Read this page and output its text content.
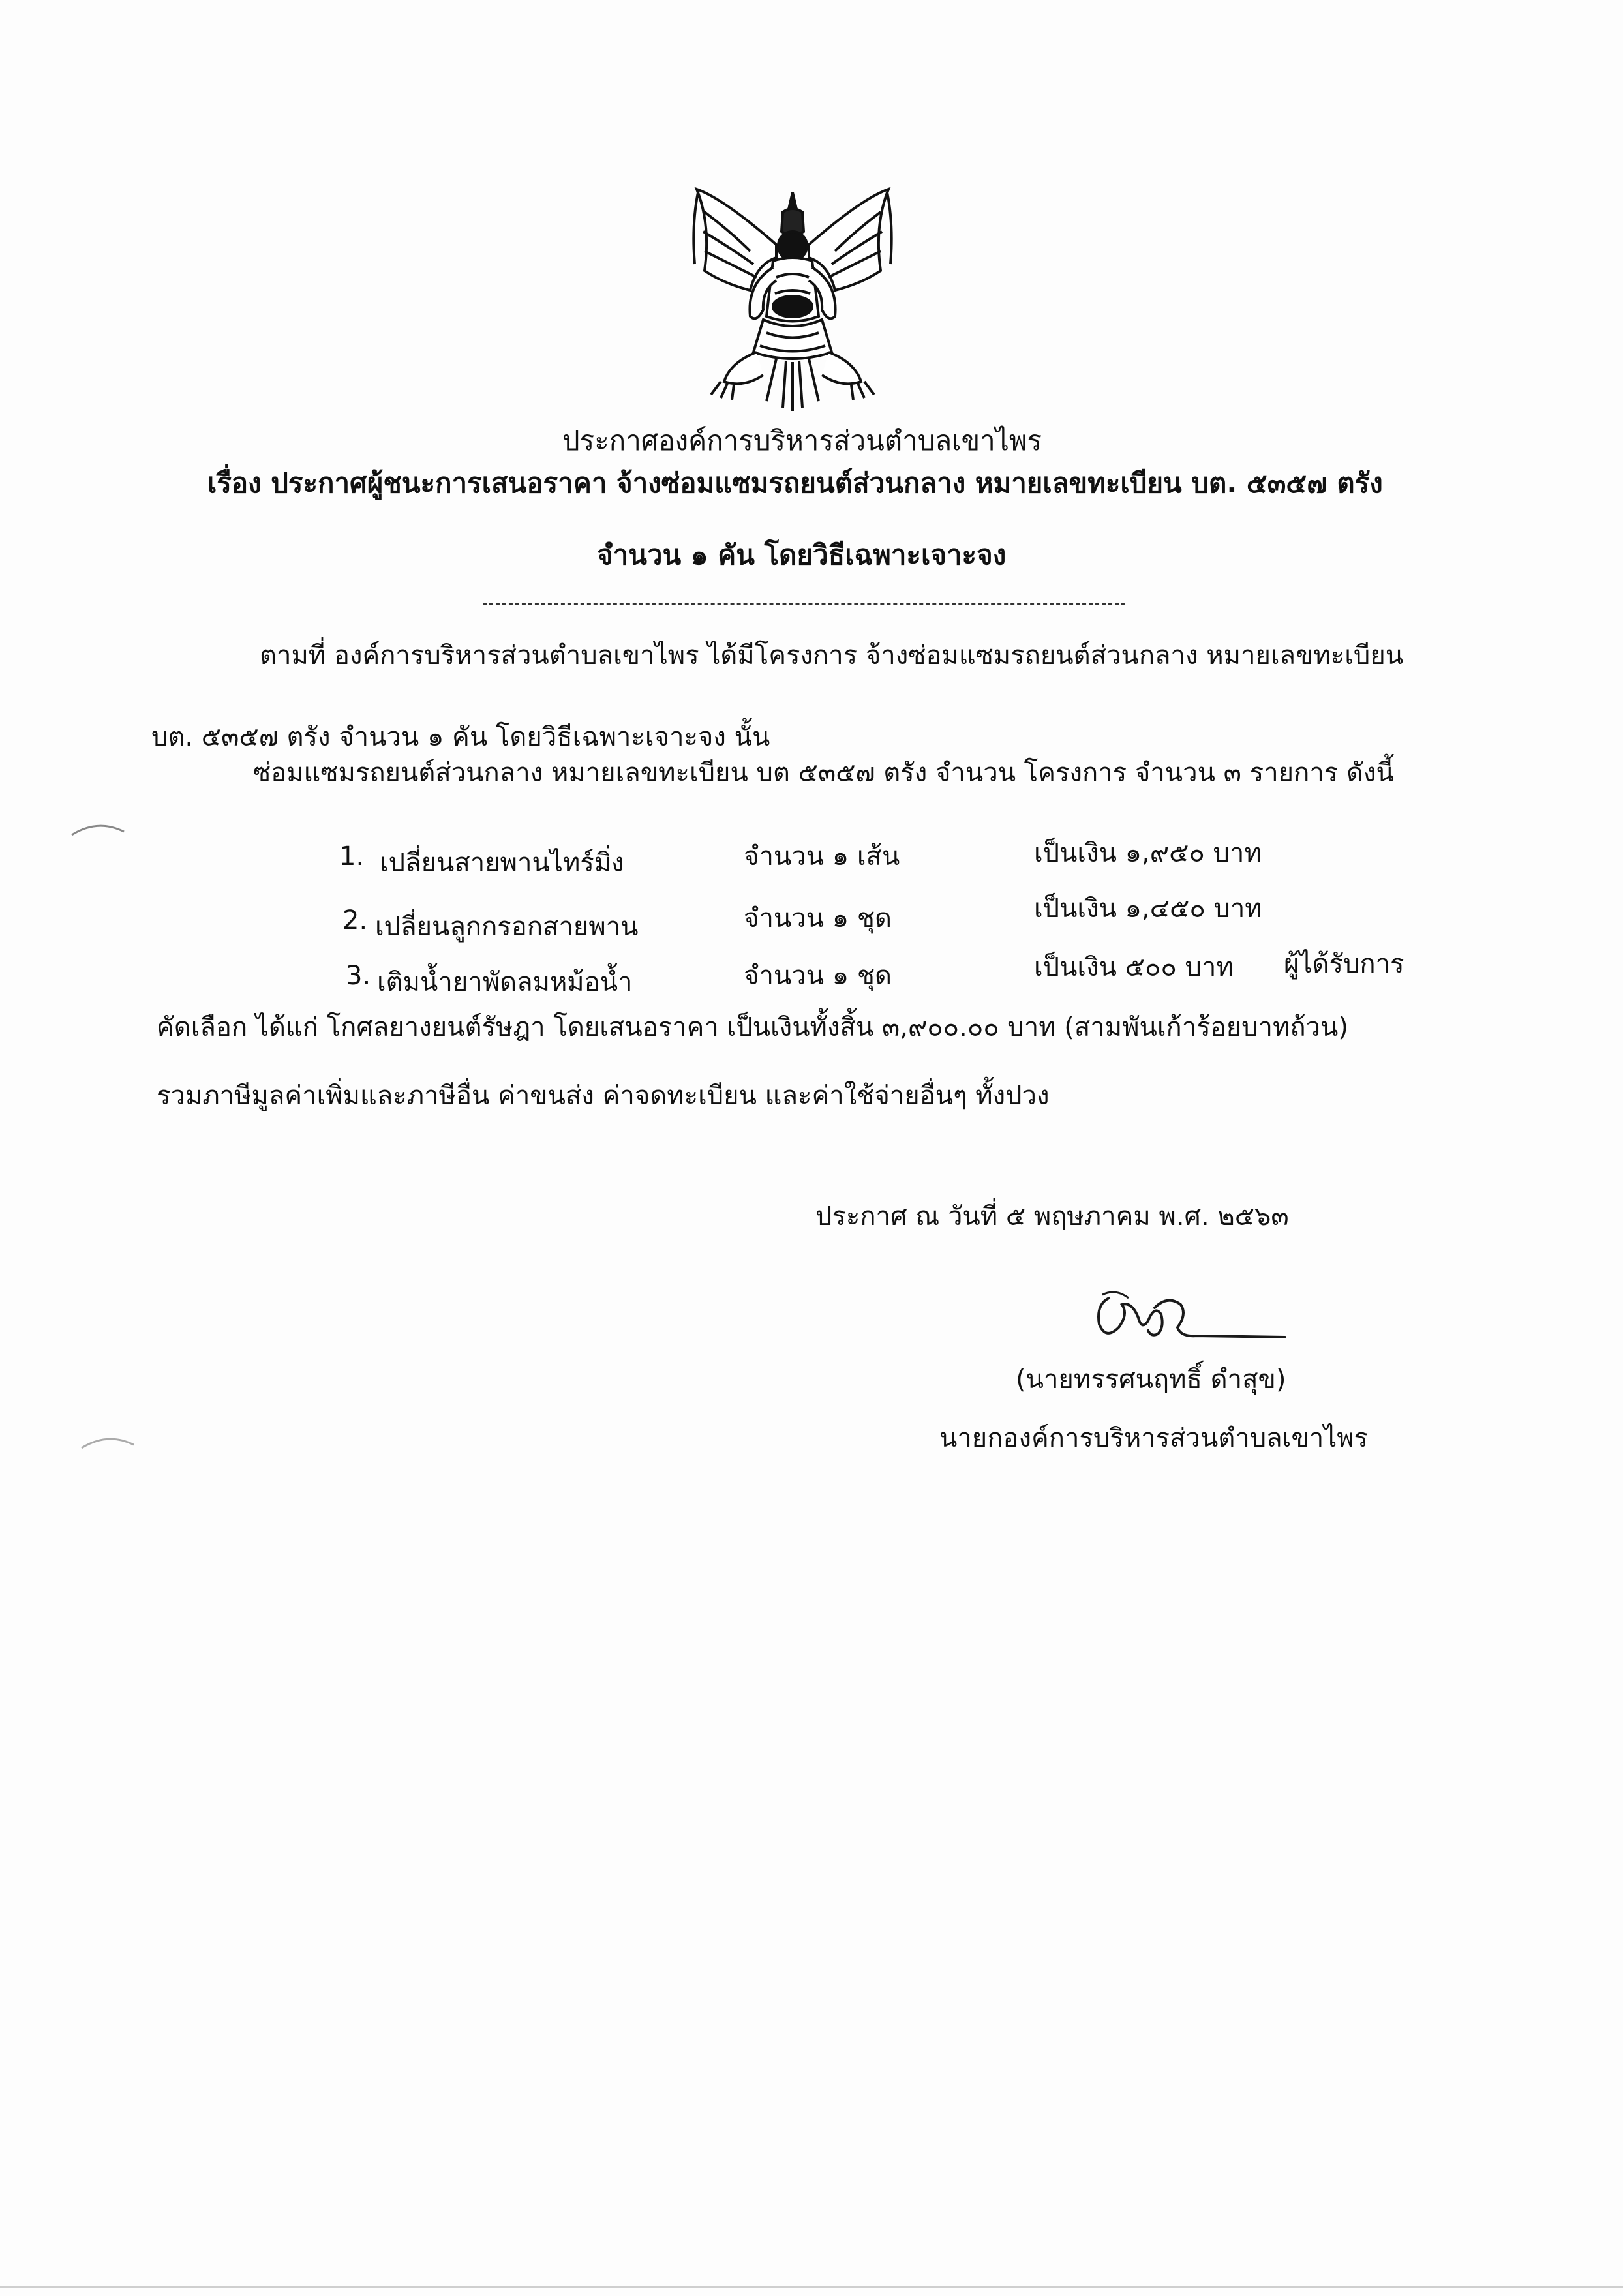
ประกาศองค์การบริหารส่วนตำบลเขาไพร
เรื่อง ประกาศผู้ชนะการเสนอราคา จ้างซ่อมแซมรถยนต์ส่วนกลาง หมายเลขทะเบียน บต. ๕๓๕๗ ตรัง
จำนวน ๑ คัน โดยวิธีเฉพาะเจาะจง
ตามที่ องค์การบริหารส่วนตำบลเขาไพร ได้มีโครงการ จ้างซ่อมแซมรถยนต์ส่วนกลาง หมายเลขทะเบียน
บต. ๕๓๕๗ ตรัง จำนวน ๑ คัน โดยวิธีเฉพาะเจาะจง นั้น
ซ่อมแซมรถยนต์ส่วนกลาง หมายเลขทะเบียน บต ๕๓๕๗ ตรัง จำนวน โครงการ จำนวน ๓ รายการ ดังนี้
1. เปลี่ยนสายพานไทร์มิ่ง	จำนวน ๑ เส้น	เป็นเงิน ๑,๙๕๐ บาท
2. เปลี่ยนลูกกรอกสายพาน	จำนวน ๑ ชุด	เป็นเงิน ๑,๔๕๐ บาท
3. เติมน้ำยาพัดลมหม้อน้ำ	จำนวน ๑ ชุด	เป็นเงิน ๕๐๐ บาท ผู้ได้รับการ
คัดเลือก ได้แก่ โกศลยางยนต์รัษฎา โดยเสนอราคา เป็นเงินทั้งสิ้น ๓,๙๐๐.๐๐ บาท (สามพันเก้าร้อยบาทถ้วน)
รวมภาษีมูลค่าเพิ่มและภาษีอื่น ค่าขนส่ง ค่าจดทะเบียน และค่าใช้จ่ายอื่นๆ ทั้งปวง
ประกาศ ณ วันที่ ๕ พฤษภาคม พ.ศ. ๒๕๖๓
(นายทรรศนฤทธิ์ ดำสุข)
นายกองค์การบริหารส่วนตำบลเขาไพร
